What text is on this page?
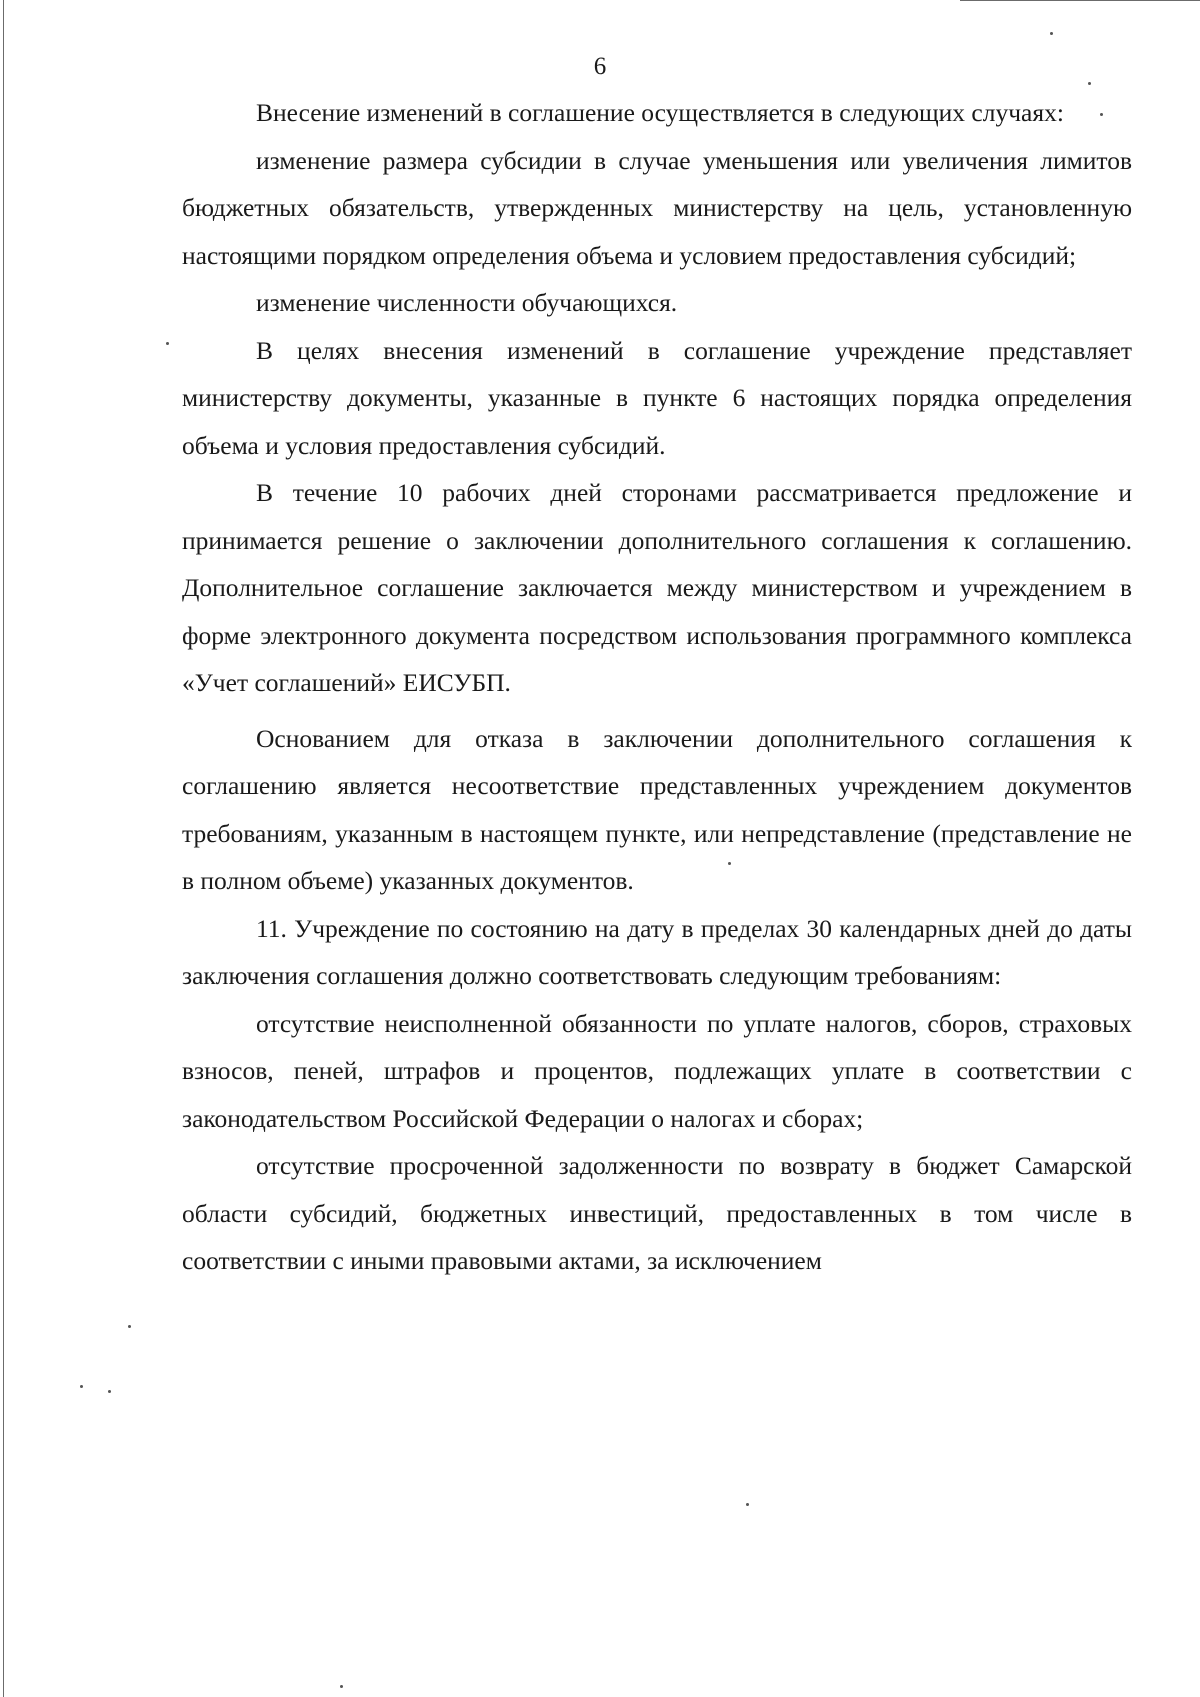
6

Внесение изменений в соглашение осуществляется в следующих случаях:

изменение размера субсидии в случае уменьшения или увеличения лимитов бюджетных обязательств, утвержденных министерству на цель, установленную настоящими порядком определения объема и условием предоставления субсидий;

изменение численности обучающихся.

В целях внесения изменений в соглашение учреждение представляет министерству документы, указанные в пункте 6 настоящих порядка определения объема и условия предоставления субсидий.

В течение 10 рабочих дней сторонами рассматривается предложение и принимается решение о заключении дополнительного соглашения к соглашению. Дополнительное соглашение заключается между министерством и учреждением в форме электронного документа посредством использования программного комплекса «Учет соглашений» ЕИСУБП.

Основанием для отказа в заключении дополнительного соглашения к соглашению является несоответствие представленных учреждением документов требованиям, указанным в настоящем пункте, или непредставление (представление не в полном объеме) указанных документов.

11. Учреждение по состоянию на дату в пределах 30 календарных дней до даты заключения соглашения должно соответствовать следующим требованиям:

отсутствие неисполненной обязанности по уплате налогов, сборов, страховых взносов, пеней, штрафов и процентов, подлежащих уплате в соответствии с законодательством Российской Федерации о налогах и сборах;

отсутствие просроченной задолженности по возврату в бюджет Самарской области субсидий, бюджетных инвестиций, предоставленных в том числе в соответствии с иными правовыми актами, за исключением
